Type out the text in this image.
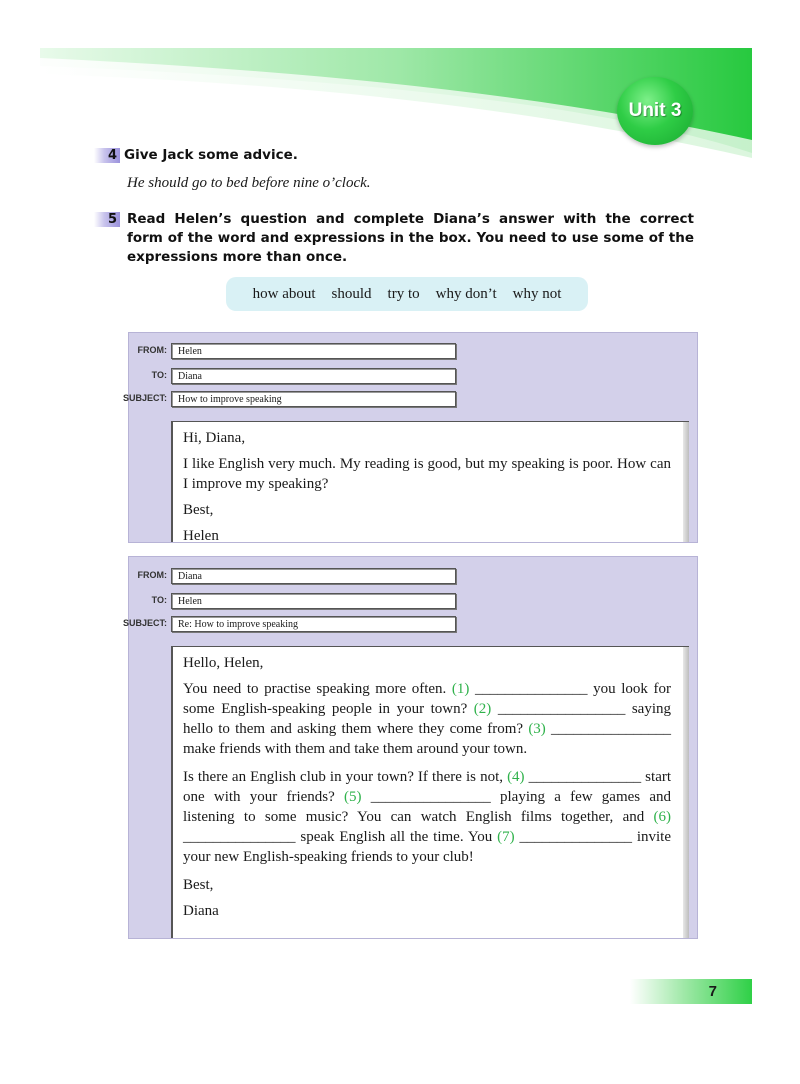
Unit 3
4 Give Jack some advice.
He should go to bed before nine o’clock.
5 Read Helen’s question and complete Diana’s answer with the correct form of the word and expressions in the box. You need to use some of the expressions more than once.
how about should try to why don’t why not
FROM:	Helen
TO:	Diana
SUBJECT:	How to improve speaking

Hi, Diana,

I like English very much. My reading is good, but my speaking is poor. How can I improve my speaking?

Best,

Helen

FROM:	Diana
TO:	Helen
SUBJECT:	Re: How to improve speaking

Hello, Helen,

You need to practise speaking more often. (1) _______________ you look for some English-speaking people in your town? (2) _________________ saying hello to them and asking them where they come from? (3) ________________ make friends with them and take them around your town.

Is there an English club in your town? If there is not, (4) _______________ start one with your friends? (5) ________________ playing a few games and listening to some music? You can watch English films together, and (6) _______________ speak English all the time. You (7) _______________ invite your new English-speaking friends to your club!

Best,

Diana

7
